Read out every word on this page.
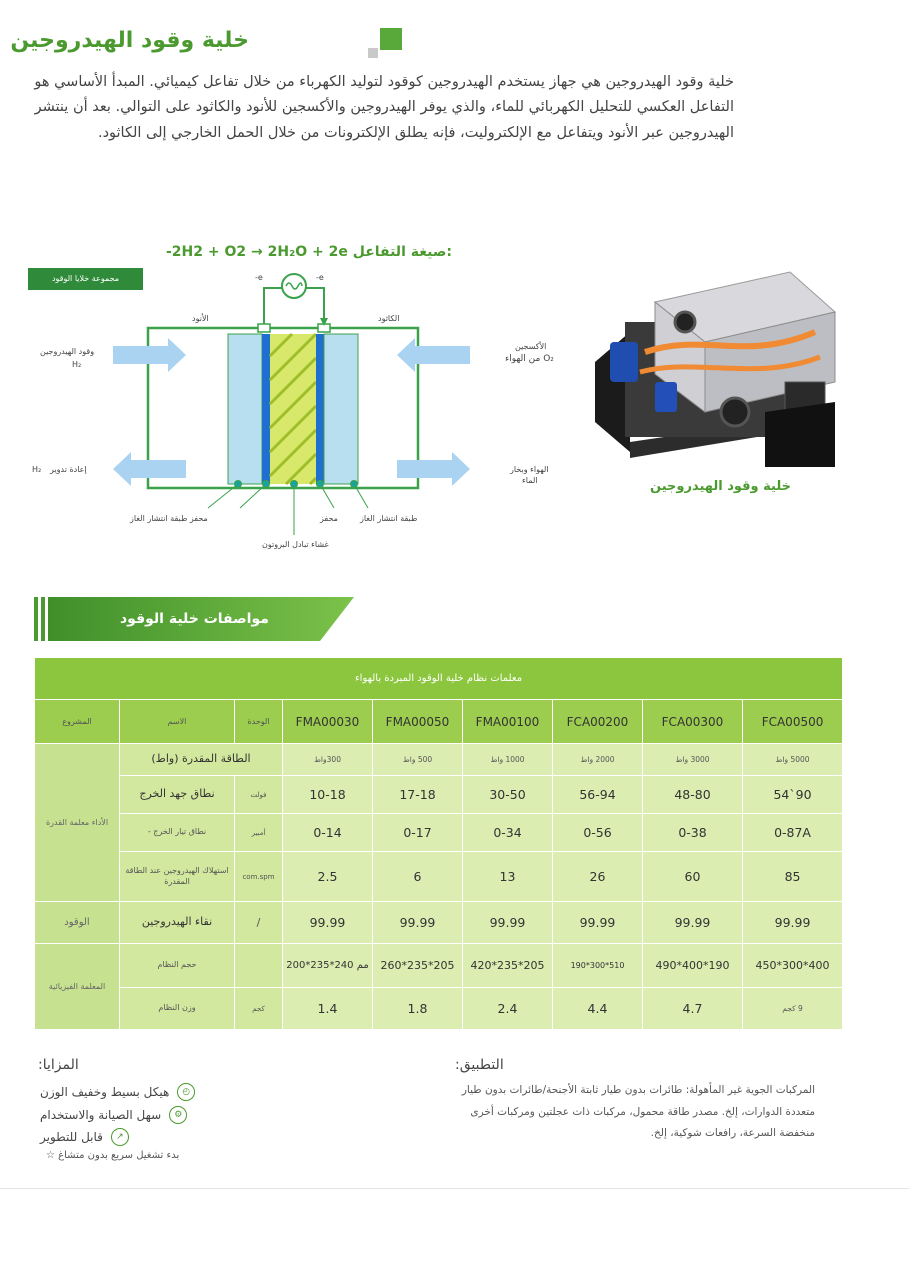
خلية وقود الهيدروجين

خلية وقود الهيدروجين هي جهاز يستخدم الهيدروجين كوقود لتوليد الكهرباء من خلال تفاعل كيميائي. المبدأ الأساسي هو التفاعل العكسي للتحليل الكهربائي للماء، والذي يوفر الهيدروجين والأكسجين للأنود والكاثود على التوالي. بعد أن ينتشر الهيدروجين عبر الأنود ويتفاعل مع الإلكتروليت، فإنه يطلق الإلكترونات من خلال الحمل الخارجي إلى الكاثود.

-2H2 + O2 → 2H₂O + 2e صيغة التفاعل:
مجموعة خلايا الوقود	e-	e-
الأنود	الكاثود
وقود الهيدروجين
H₂
إعادة تدوير
H₂
الأكسجين
O₂ من الهواء
الهواء وبخار
الماء
محفز طبقة انتشار الغاز	محفز	طبقة انتشار الغاز
غشاء تبادل البروتون
خلية وقود الهيدروجين
مواصفات خلية الوقود
معلمات نظام خلية الوقود المبردة بالهواء								
المشروع	الاسم	الوحدة	FMA00030	FMA00050	FMA00100	FCA00200	FCA00300	FCA00500
الأداء معلمة القدرة	الطاقة المقدرة (واط)		300واط	500 واط	1000 واط	2000 واط	3000 واط	5000 واط
	نطاق جهد الخرج	فولت	10-18	17-18	30-50	56-94	48-80	54`90
	نطاق تيار الخرج -	أمبير	0-14	0-17	0-34	0-56	0-38	0-87A
	استهلاك الهيدروجين عند الطاقة المقدرة	com.spm	2.5	6	13	26	60	85
الوقود	نقاء الهيدروجين	/	99.99	99.99	99.99	99.99	99.99	99.99
المعلمة الفيزيائية	حجم النظام		200*235*240 مم	260*235*205	420*235*205	190*300*510	490*400*190	450*300*400
	وزن النظام	كجم	1.4	1.8	2.4	4.4	4.7	9 كجم
المزايا:
◴
هيكل بسيط وخفيف الوزن
⚙
سهل الصيانة والاستخدام
↗
قابل للتطوير
بدء تشغيل سريع بدون متشاغ ☆
التطبيق:

المركبات الجوية غير المأهولة: طائرات بدون طيار ثابتة الأجنحة/طائرات بدون طيار متعددة الدوارات، إلخ. مصدر طاقة محمول، مركبات ذات عجلتين ومركبات أخرى منخفضة السرعة، رافعات شوكية، إلخ.
